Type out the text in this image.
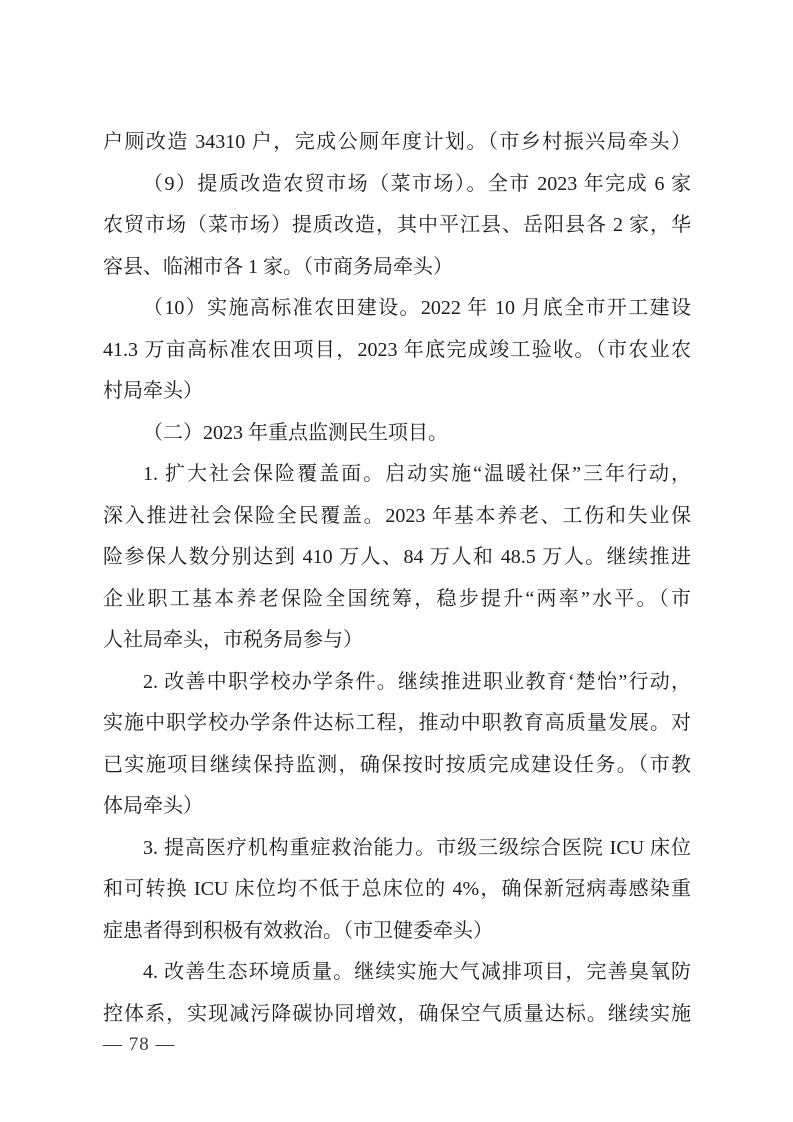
户厕改造 34310 户，完成公厕年度计划。（市乡村振兴局牵头）
（9）提质改造农贸市场（菜市场）。全市 2023 年完成 6 家
农贸市场（菜市场）提质改造，其中平江县、岳阳县各 2 家，华
容县、临湘市各 1 家。（市商务局牵头）
（10）实施高标准农田建设。2022 年 10 月底全市开工建设
41.3 万亩高标准农田项目，2023 年底完成竣工验收。（市农业农
村局牵头）
（二）2023 年重点监测民生项目。
1. 扩大社会保险覆盖面。启动实施“温暖社保”三年行动，
深入推进社会保险全民覆盖。2023 年基本养老、工伤和失业保
险参保人数分别达到 410 万人、84 万人和 48.5 万人。继续推进
企业职工基本养老保险全国统筹，稳步提升“两率”水平。（市
人社局牵头，市税务局参与）
2. 改善中职学校办学条件。继续推进职业教育‘楚怡”行动，
实施中职学校办学条件达标工程，推动中职教育高质量发展。对
已实施项目继续保持监测，确保按时按质完成建设任务。（市教
体局牵头）
3. 提高医疗机构重症救治能力。市级三级综合医院 ICU 床位
和可转换 ICU 床位均不低于总床位的 4%，确保新冠病毒感染重
症患者得到积极有效救治。（市卫健委牵头）
4. 改善生态环境质量。继续实施大气减排项目，完善臭氧防
控体系，实现减污降碳协同增效，确保空气质量达标。继续实施
— 78 —
